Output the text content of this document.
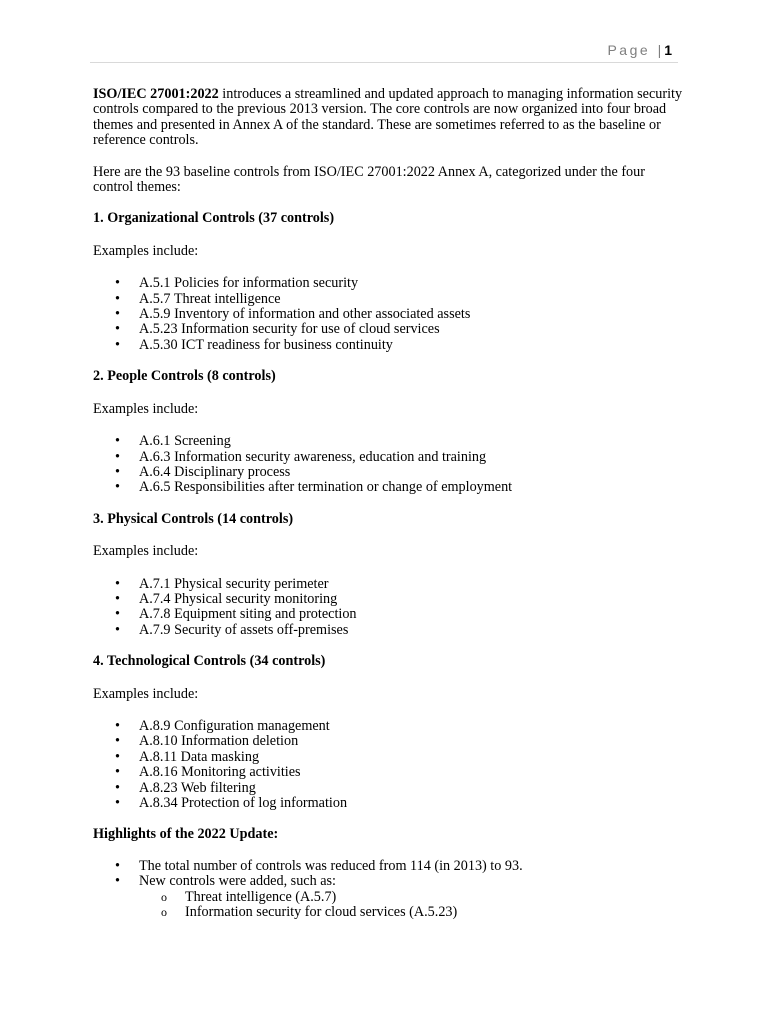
Page | 1

ISO/IEC 27001:2022 introduces a streamlined and updated approach to managing information security controls compared to the previous 2013 version. The core controls are now organized into four broad themes and presented in Annex A of the standard. These are sometimes referred to as the baseline or reference controls.

Here are the 93 baseline controls from ISO/IEC 27001:2022 Annex A, categorized under the four control themes:

1. Organizational Controls (37 controls)

Examples include:

• A.5.1 Policies for information security
• A.5.7 Threat intelligence
• A.5.9 Inventory of information and other associated assets
• A.5.23 Information security for use of cloud services
• A.5.30 ICT readiness for business continuity
2. People Controls (8 controls)

Examples include:

• A.6.1 Screening
• A.6.3 Information security awareness, education and training
• A.6.4 Disciplinary process
• A.6.5 Responsibilities after termination or change of employment
3. Physical Controls (14 controls)

Examples include:

• A.7.1 Physical security perimeter
• A.7.4 Physical security monitoring
• A.7.8 Equipment siting and protection
• A.7.9 Security of assets off-premises
4. Technological Controls (34 controls)

Examples include:

• A.8.9 Configuration management
• A.8.10 Information deletion
• A.8.11 Data masking
• A.8.16 Monitoring activities
• A.8.23 Web filtering
• A.8.34 Protection of log information
Highlights of the 2022 Update:
• The total number of controls was reduced from 114 (in 2013) to 93.
• New controls were added, such as:
o Threat intelligence (A.5.7)
o Information security for cloud services (A.5.23)
